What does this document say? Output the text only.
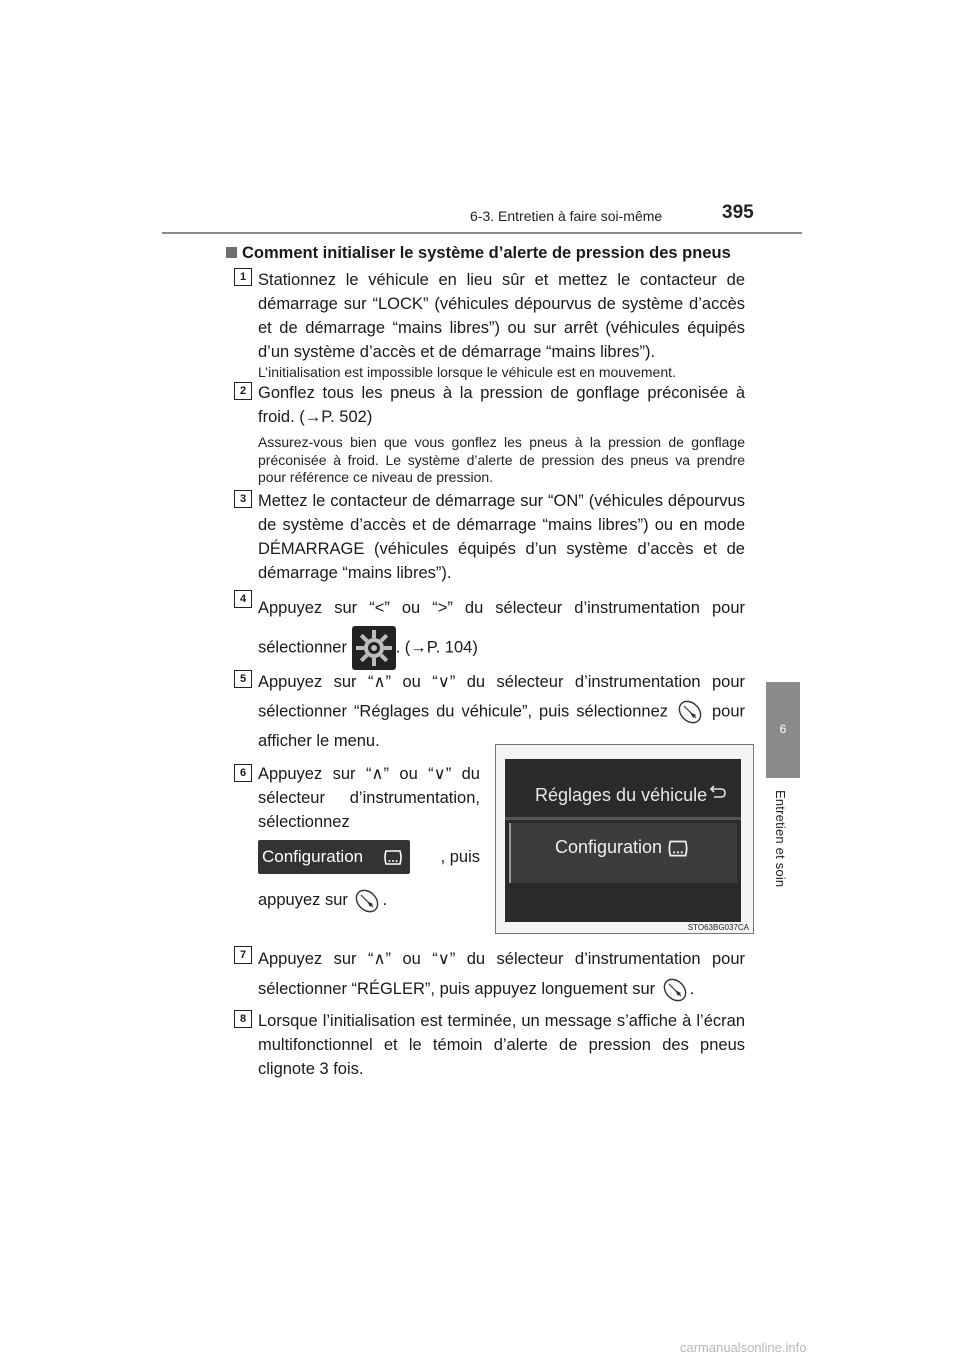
6-3. Entretien à faire soi-même	395
6
Entretien et soin
Comment initialiser le système d’alerte de pression des pneus
1 Stationnez le véhicule en lieu sûr et mettez le contacteur de démarrage sur “LOCK” (véhicules dépourvus de système d’accès et de démarrage “mains libres”) ou sur arrêt (véhicules équipés d’un système d’accès et de démarrage “mains libres”).
L’initialisation est impossible lorsque le véhicule est en mouvement.
2 Gonflez tous les pneus à la pression de gonflage préconisée à froid. (→P. 502)
Assurez-vous bien que vous gonflez les pneus à la pression de gonflage préconisée à froid. Le système d’alerte de pression des pneus va prendre pour référence ce niveau de pression.
3 Mettez le contacteur de démarrage sur “ON” (véhicules dépourvus de système d’accès et de démarrage “mains libres”) ou en mode DÉMARRAGE (véhicules équipés d’un système d’accès et de démarrage “mains libres”).
4 Appuyez sur “<” ou “>” du sélecteur d’instrumentation pour sélectionner	. (→P. 104)
5 Appuyez sur “∧” ou “∨” du sélecteur d’instrumentation pour sélectionner “Réglages du véhicule”, puis sélectionnez	pour afficher le menu.
6 Appuyez sur “∧” ou “∨” du sélecteur d’instrumentation, sélectionnez
Configuration	, puis
appuyez sur .
Réglages du véhicule
Configuration
STO63BG037CA
7 Appuyez sur “∧” ou “∨” du sélecteur d’instrumentation pour sélectionner “RÉGLER”, puis appuyez longuement sur .
8 Lorsque l’initialisation est terminée, un message s’affiche à l’écran multifonctionnel et le témoin d’alerte de pression des pneus clignote 3 fois.
carmanualsonline.info
